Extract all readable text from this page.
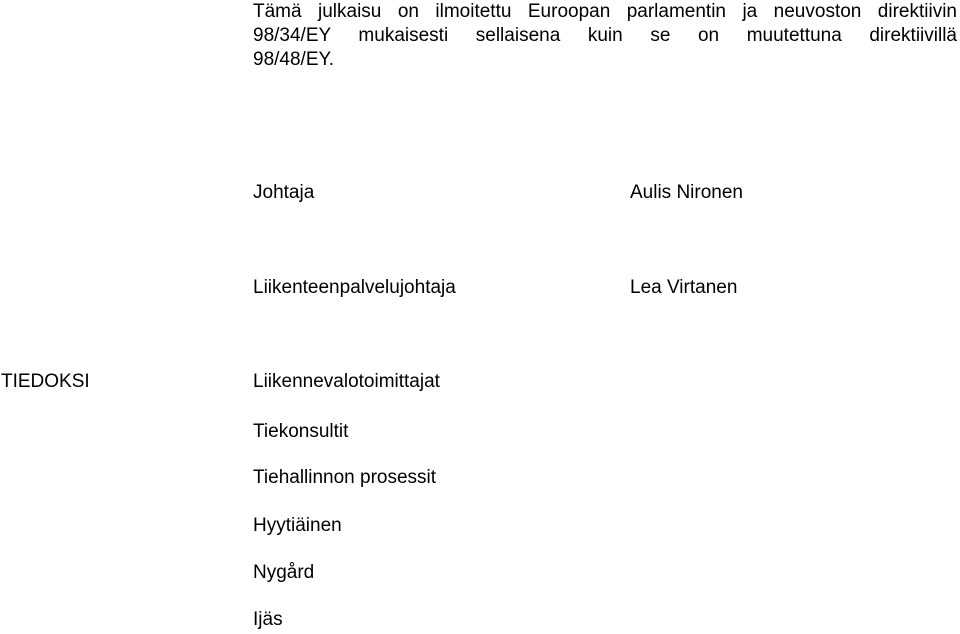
Tämä julkaisu on ilmoitettu Euroopan parlamentin ja neuvoston direktiivin
98/34/EY mukaisesti sellaisena kuin se on muutettuna direktiivillä
98/48/EY.
Johtaja	Aulis Nironen
Liikenteenpalvelujohtaja	Lea Virtanen
TIEDOKSI	Liikennevalotoimittajat
Tiekonsultit
Tiehallinnon prosessit
Hyytiäinen
Nygård
Ijäs
